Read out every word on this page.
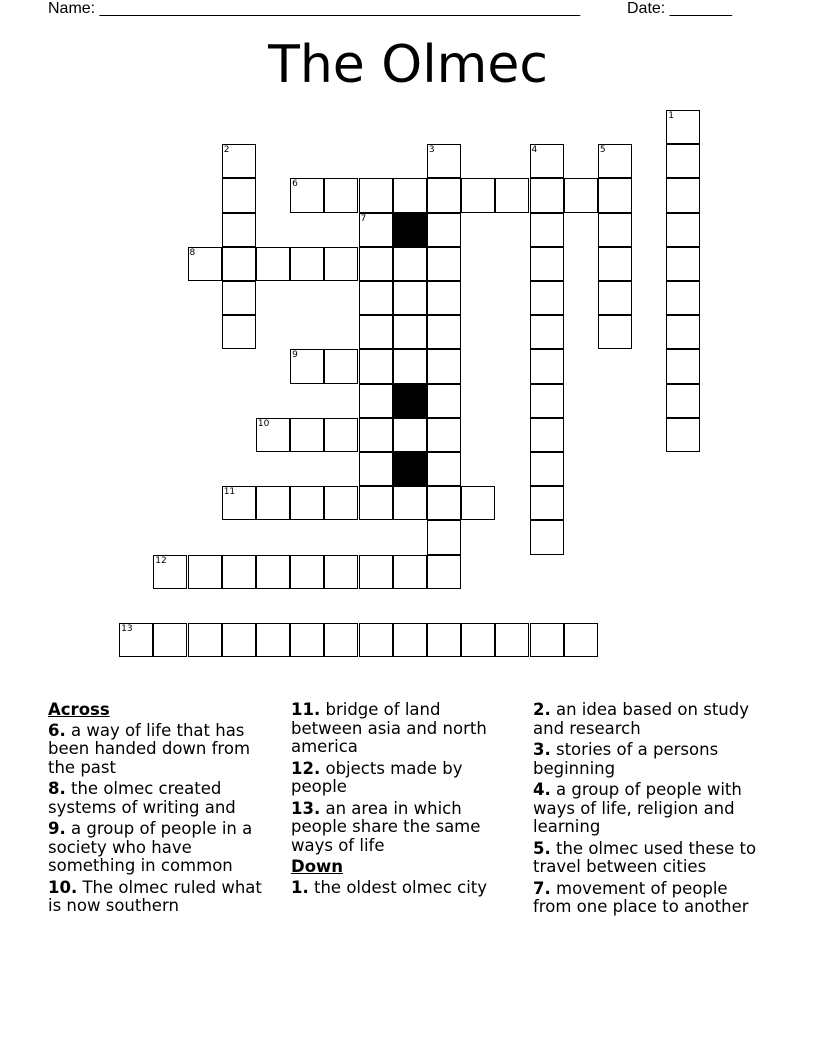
Name: ______________________________________________________	Date: _______
The Olmec
6
8
9
10
11
12
13
1
2	3	4	5
7
Across
6. a way of life that has been handed down from the past
8. the olmec created systems of writing and
9. a group of people in a society who have something in common
10. The olmec ruled what is now southern
11. bridge of land between asia and north america
12. objects made by people
13. an area in which people share the same ways of life
Down
1. the oldest olmec city
2. an idea based on study and research
3. stories of a persons beginning
4. a group of people with ways of life, religion and learning
5. the olmec used these to travel between cities
7. movement of people from one place to another
